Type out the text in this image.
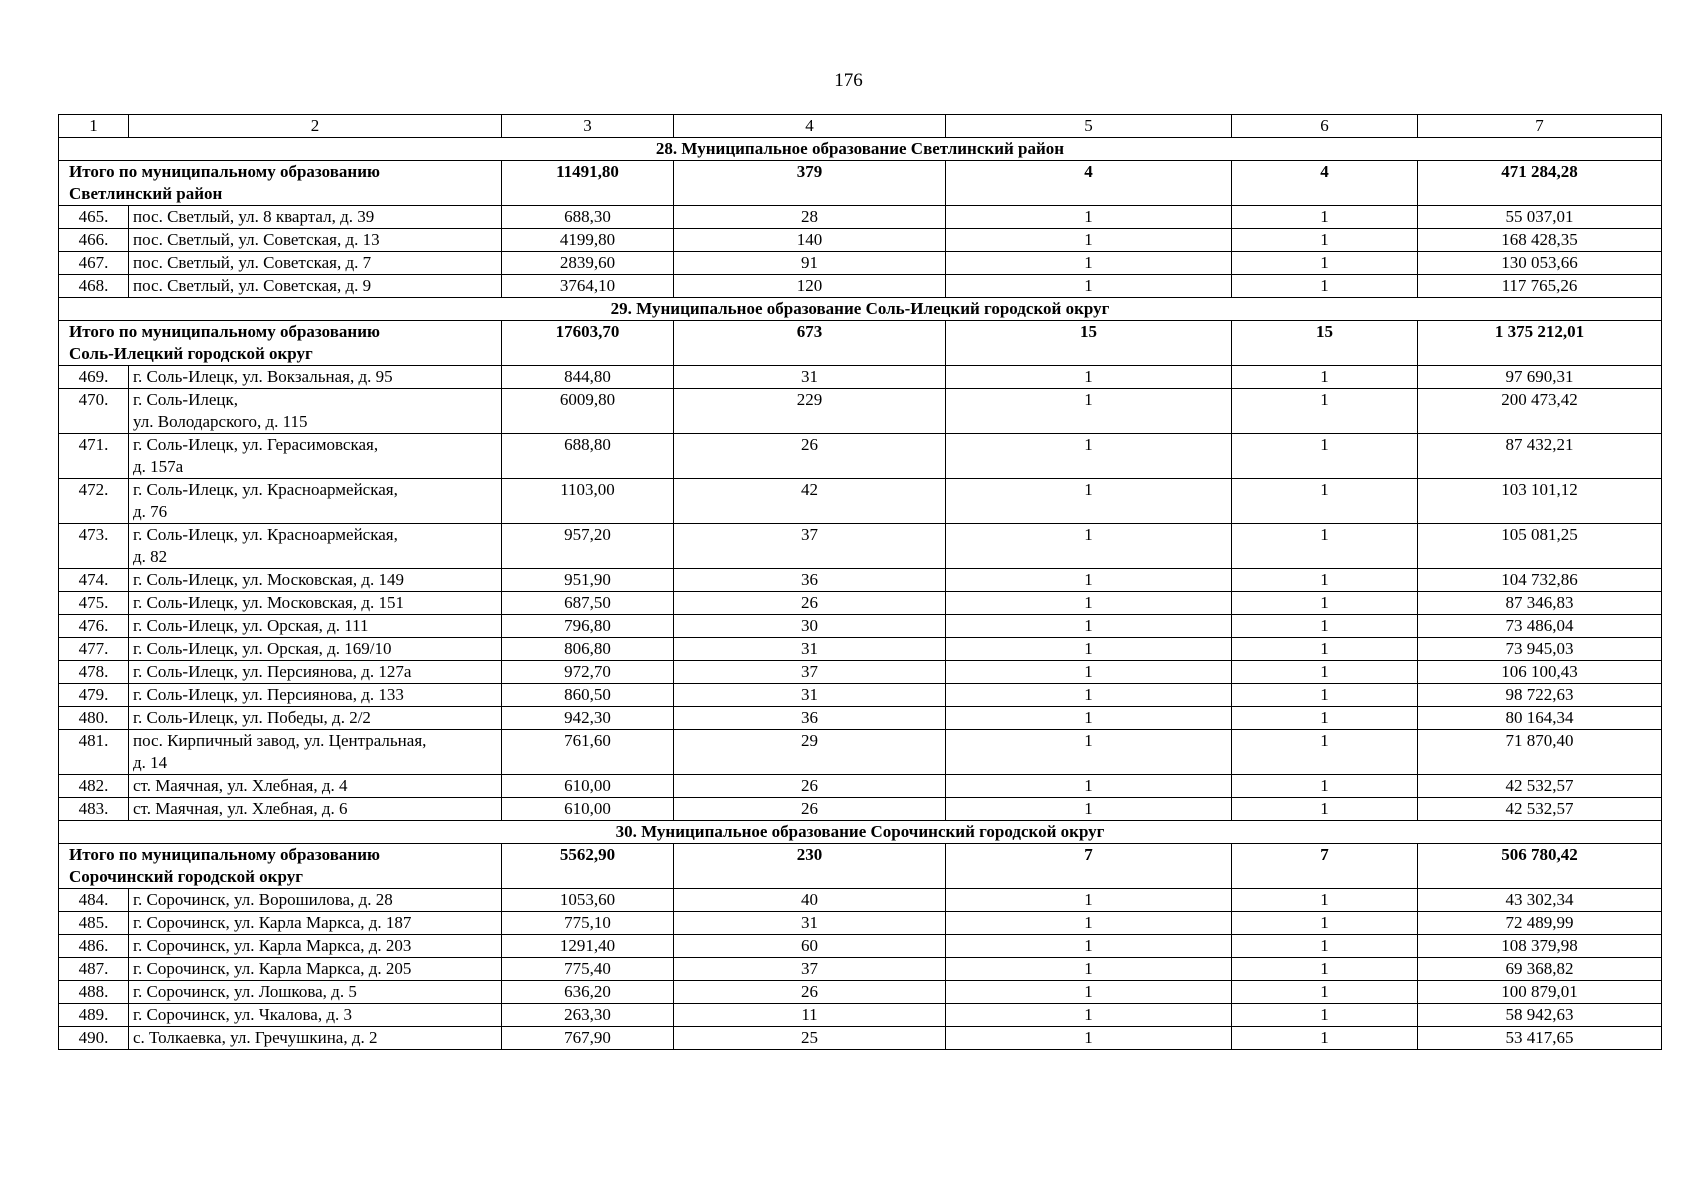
176
1	2	3	4	5	6	7
28. Муниципальное образование Светлинский район						

Итого по муниципальному образованию
Светлинский район		11491,80	379	4	4	471 284,28
465.	пос. Светлый, ул. 8 квартал, д. 39	688,30	28	1	1	55 037,01
466.	пос. Светлый, ул. Советская, д. 13	4199,80	140	1	1	168 428,35
467.	пос. Светлый, ул. Советская, д. 7	2839,60	91	1	1	130 053,66
468.	пос. Светлый, ул. Советская, д. 9	3764,10	120	1	1	117 765,26
29. Муниципальное образование Соль-Илецкий городской округ						

Итого по муниципальному образованию
Соль-Илецкий городской округ		17603,70	673	15	15	1 375 212,01
469.	г. Соль-Илецк, ул. Вокзальная, д. 95	844,80	31	1	1	97 690,31
470.	г. Соль-Илецк,
ул. Володарского, д. 115	6009,80	229	1	1	200 473,42
471.	г. Соль-Илецк, ул. Герасимовская,
д. 157а	688,80	26	1	1	87 432,21
472.	г. Соль-Илецк, ул. Красноармейская,
д. 76	1103,00	42	1	1	103 101,12
473.	г. Соль-Илецк, ул. Красноармейская,
д. 82	957,20	37	1	1	105 081,25
474.	г. Соль-Илецк, ул. Московская, д. 149	951,90	36	1	1	104 732,86
475.	г. Соль-Илецк, ул. Московская, д. 151	687,50	26	1	1	87 346,83
476.	г. Соль-Илецк, ул. Орская, д. 111	796,80	30	1	1	73 486,04
477.	г. Соль-Илецк, ул. Орская, д. 169/10	806,80	31	1	1	73 945,03
478.	г. Соль-Илецк, ул. Персиянова, д. 127а	972,70	37	1	1	106 100,43
479.	г. Соль-Илецк, ул. Персиянова, д. 133	860,50	31	1	1	98 722,63
480.	г. Соль-Илецк, ул. Победы, д. 2/2	942,30	36	1	1	80 164,34
481.	пос. Кирпичный завод, ул. Центральная,
д. 14	761,60	29	1	1	71 870,40
482.	ст. Маячная, ул. Хлебная, д. 4	610,00	26	1	1	42 532,57
483.	ст. Маячная, ул. Хлебная, д. 6	610,00	26	1	1	42 532,57
30. Муниципальное образование Сорочинский городской округ						

Итого по муниципальному образованию
Сорочинский городской округ		5562,90	230	7	7	506 780,42
484.	г. Сорочинск, ул. Ворошилова, д. 28	1053,60	40	1	1	43 302,34
485.	г. Сорочинск, ул. Карла Маркса, д. 187	775,10	31	1	1	72 489,99
486.	г. Сорочинск, ул. Карла Маркса, д. 203	1291,40	60	1	1	108 379,98
487.	г. Сорочинск, ул. Карла Маркса, д. 205	775,40	37	1	1	69 368,82
488.	г. Сорочинск, ул. Лошкова, д. 5	636,20	26	1	1	100 879,01
489.	г. Сорочинск, ул. Чкалова, д. 3	263,30	11	1	1	58 942,63
490.	с. Толкаевка, ул. Гречушкина, д. 2	767,90	25	1	1	53 417,65
